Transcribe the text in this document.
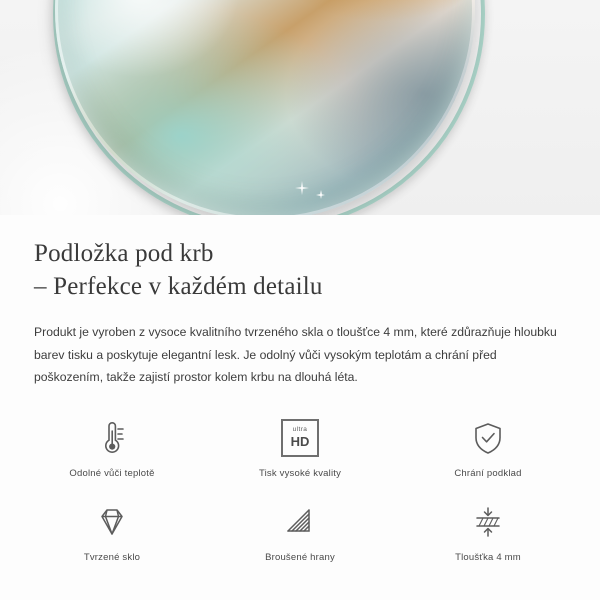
Podložka pod krb
– Perfekce v každém detailu

Produkt je vyroben z vysoce kvalitního tvrzeného skla o tloušťce 4 mm, které zdůrazňuje hloubku barev tisku a poskytuje elegantní lesk. Je odolný vůči vysokým teplotám a chrání před poškozením, takže zajistí prostor kolem krbu na dlouhá léta.

Odolné vůči teplotě
ultra
HD
Tisk vysoké kvality	Chrání podklad
Tvrzené sklo	Broušené hrany	Tloušťka 4 mm
